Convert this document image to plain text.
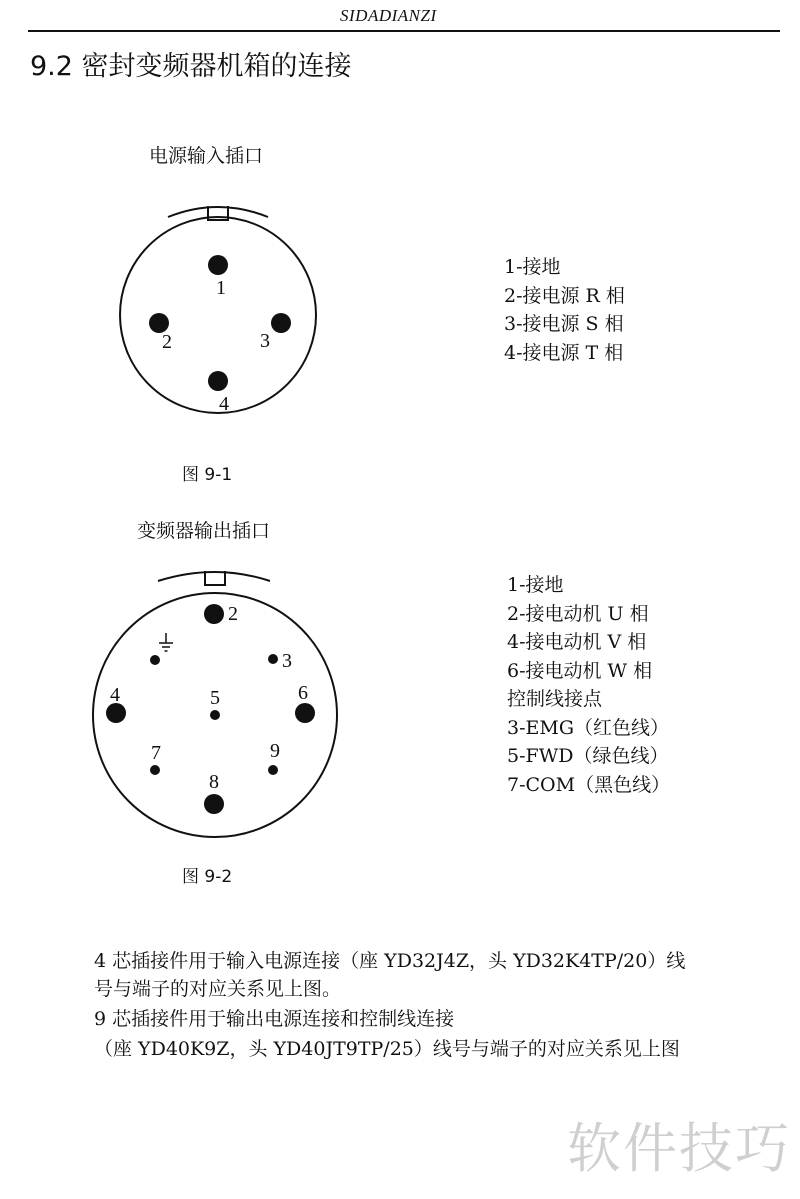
SIDADIANZI
9.2 密封变频器机箱的连接
电源输入插口
1
2	3
4
图 9-1
1-接地
2-接电源 R 相
3-接电源 S 相
4-接电源 T 相
变频器输出插口
2
3
4	5	6
7
8
9
图 9-2
1-接地
2-接电动机 U 相
4-接电动机 V 相
6-接电动机 W 相
控制线接点
3-EMG（红色线）
5-FWD（绿色线）
7-COM（黑色线）
4 芯插接件用于输入电源连接（座 YD32J4Z，头 YD32K4TP/20）线
号与端子的对应关系见上图。
9 芯插接件用于输出电源连接和控制线连接
（座 YD40K9Z，头 YD40JT9TP/25）线号与端子的对应关系见上图
软件技巧
